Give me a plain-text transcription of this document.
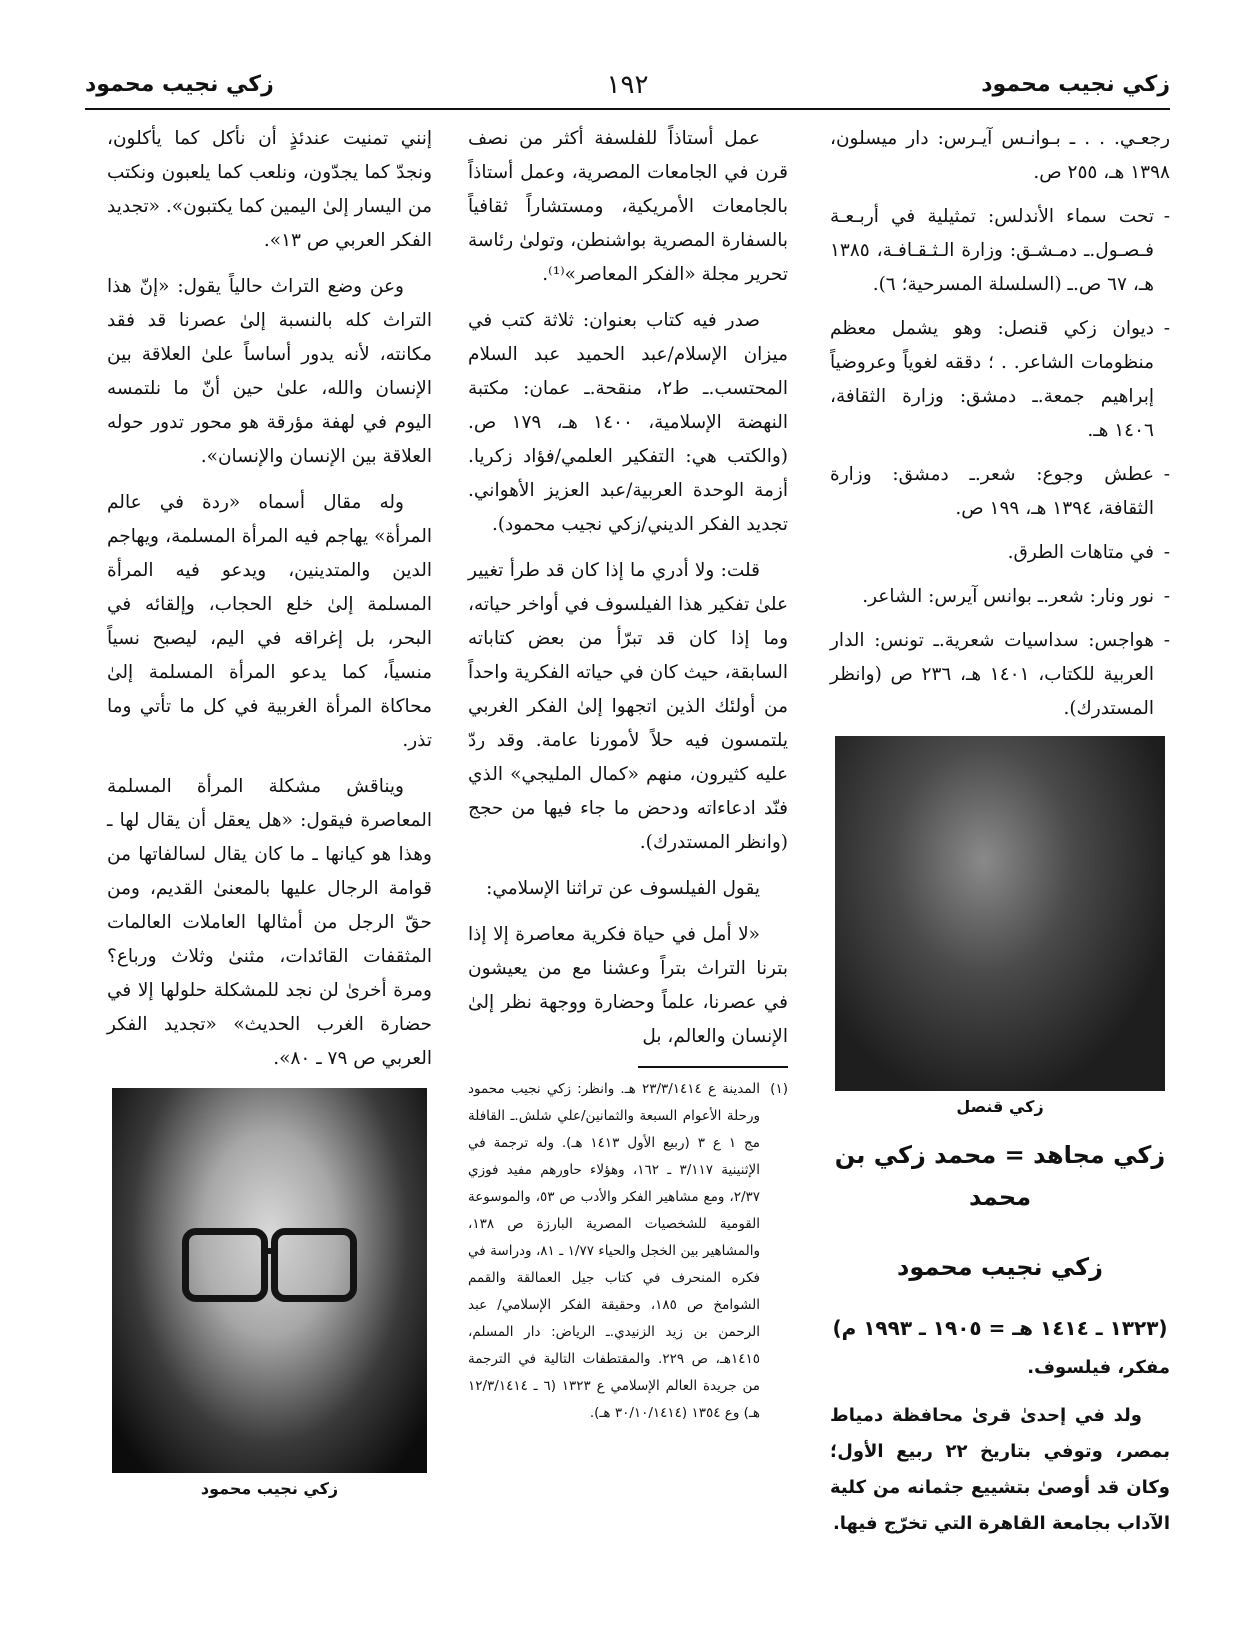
زكي نجيب محمود
١٩٢
زكي نجيب محمود
رجعـي. . . ـ بـوانـس آيـرس: دار ميسلون، ١٣٩٨ هـ، ٢٥٥ ص.
- تحت سماء الأندلس: تمثيلية في أربـعـة فـصـول.ـ دمـشـق: وزارة الـثـقـافـة، ١٣٨٥ هـ، ٦٧ ص.ـ (السلسلة المسرحية؛ ٦).
- ديوان زكي قنصل: وهو يشمل معظم منظومات الشاعر. . ؛ دققه لغوياً وعروضياً إبراهيم جمعة.ـ دمشق: وزارة الثقافة، ١٤٠٦ هـ.
- عطش وجوع: شعر.ـ دمشق: وزارة الثقافة، ١٣٩٤ هـ، ١٩٩ ص.
- في متاهات الطرق.
- نور ونار: شعر.ـ بوانس آيرس: الشاعر.
- هواجس: سداسيات شعرية.ـ تونس: الدار العربية للكتاب، ١٤٠١ هـ، ٢٣٦ ص (وانظر المستدرك).
زكي قنصل
زكي مجاهد = محمد زكي بن محمد
زكي نجيب محمود
(١٣٢٣ ـ ١٤١٤ هـ = ١٩٠٥ ـ ١٩٩٣ م)

مفكر، فيلسوف.

ولد في إحدىٰ قرىٰ محافظة دمياط بمصر، وتوفي بتاريخ ٢٢ ربيع الأول؛ وكان قد أوصىٰ بتشييع جثمانه من كلية الآداب بجامعة القاهرة التي تخرّج فيها.

عمل أستاذاً للفلسفة أكثر من نصف قرن في الجامعات المصرية، وعمل أستاذاً بالجامعات الأمريكية، ومستشاراً ثقافياً بالسفارة المصرية بواشنطن، وتولىٰ رئاسة تحرير مجلة «الفكر المعاصر»⁽¹⁾.

صدر فيه كتاب بعنوان: ثلاثة كتب في ميزان الإسلام/عبد الحميد عبد السلام المحتسب.ـ ط٢، منقحة.ـ عمان: مكتبة النهضة الإسلامية، ١٤٠٠ هـ، ١٧٩ ص. (والكتب هي: التفكير العلمي/فؤاد زكريا. أزمة الوحدة العربية/عبد العزيز الأهواني. تجديد الفكر الديني/زكي نجيب محمود).

قلت: ولا أدري ما إذا كان قد طرأ تغيير علىٰ تفكير هذا الفيلسوف في أواخر حياته، وما إذا كان قد تبرّأ من بعض كتاباته السابقة، حيث كان في حياته الفكرية واحداً من أولئك الذين اتجهوا إلىٰ الفكر الغربي يلتمسون فيه حلاً لأمورنا عامة. وقد ردّ عليه كثيرون، منهم «كمال المليجي» الذي فنّد ادعاءاته ودحض ما جاء فيها من حجج (وانظر المستدرك).

يقول الفيلسوف عن تراثنا الإسلامي:

«لا أمل في حياة فكرية معاصرة إلا إذا بترنا التراث بتراً وعشنا مع من يعيشون في عصرنا، علماً وحضارة ووجهة نظر إلىٰ الإنسان والعالم، بل

(١)
المدينة ع ٢٣/٣/١٤١٤ هـ. وانظر: زكي نجيب محمود ورحلة الأعوام السبعة والثمانين/علي شلش.ـ القافلة مج ١ ع ٣ (ربيع الأول ١٤١٣ هـ). وله ترجمة في الإثنينية ٣/١١٧ ـ ١٦٢، وهؤلاء حاورهم مفيد فوزي ٢/٣٧، ومع مشاهير الفكر والأدب ص ٥٣، والموسوعة القومية للشخصيات المصرية البارزة ص ١٣٨، والمشاهير بين الخجل والحياء ١/٧٧ ـ ٨١، ودراسة في فكره المنحرف في كتاب جيل العمالقة والقمم الشوامخ ص ١٨٥، وحقيقة الفكر الإسلامي/ عبد الرحمن بن زيد الزنيدي.ـ الرياض: دار المسلم، ١٤١٥هـ، ص ٢٢٩. والمقتطفات التالية في الترجمة من جريدة العالم الإسلامي ع ١٣٢٣ (٦ ـ ١٢/٣/١٤١٤ هـ) وع ١٣٥٤ (٣٠/١٠/١٤١٤ هـ).

إنني تمنيت عندئذٍ أن نأكل كما يأكلون، ونجدّ كما يجدّون، ونلعب كما يلعبون ونكتب من اليسار إلىٰ اليمين كما يكتبون». «تجديد الفكر العربي ص ١٣».

وعن وضع التراث حالياً يقول: «إنّ هذا التراث كله بالنسبة إلىٰ عصرنا قد فقد مكانته، لأنه يدور أساساً علىٰ العلاقة بين الإنسان والله، علىٰ حين أنّ ما نلتمسه اليوم في لهفة مؤرقة هو محور تدور حوله العلاقة بين الإنسان والإنسان».

وله مقال أسماه «ردة في عالم المرأة» يهاجم فيه المرأة المسلمة، ويهاجم الدين والمتدينين، ويدعو فيه المرأة المسلمة إلىٰ خلع الحجاب، وإلقائه في البحر، بل إغراقه في اليم، ليصبح نسياً منسياً، كما يدعو المرأة المسلمة إلىٰ محاكاة المرأة الغربية في كل ما تأتي وما تذر.

ويناقش مشكلة المرأة المسلمة المعاصرة فيقول: «هل يعقل أن يقال لها ـ وهذا هو كيانها ـ ما كان يقال لسالفاتها من قوامة الرجال عليها بالمعنىٰ القديم، ومن حقّ الرجل من أمثالها العاملات العالمات المثقفات القائدات، مثنىٰ وثلاث ورباع؟ ومرة أخرىٰ لن نجد للمشكلة حلولها إلا في حضارة الغرب الحديث» «تجديد الفكر العربي ص ٧٩ ـ ٨٠».

زكي نجيب محمود
